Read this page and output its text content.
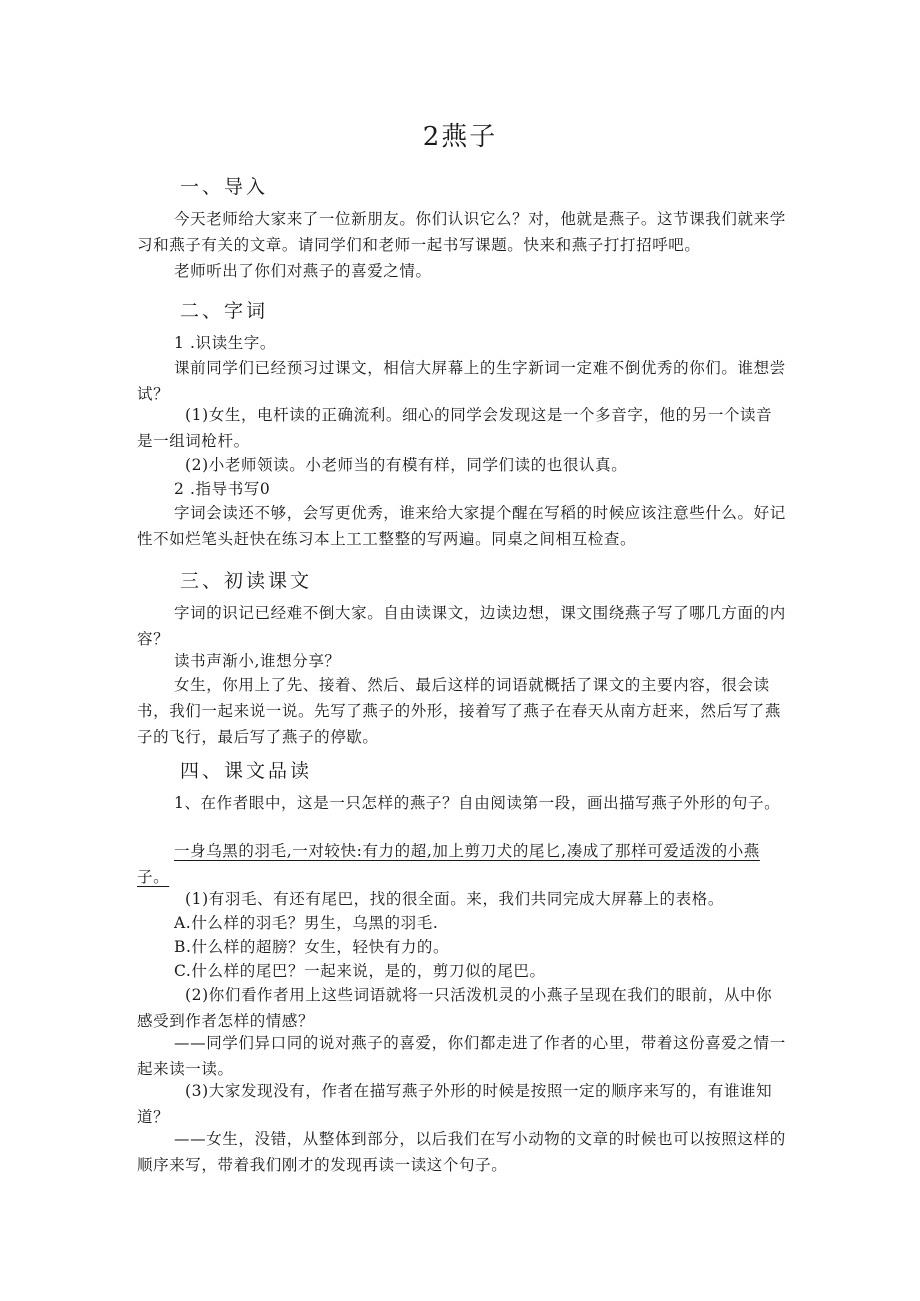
2燕子
一、导入
今天老师给大家来了一位新朋友。你们认识它么？对，他就是燕子。这节课我们就来学习和燕子有关的文章。请同学们和老师一起书写课题。快来和燕子打打招呼吧。
老师听出了你们对燕子的喜爱之情。
二、字词
1 .识读生字。
课前同学们已经预习过课文，相信大屏幕上的生字新词一定难不倒优秀的你们。谁想尝试？
(1)女生，电杆读的正确流利。细心的同学会发现这是一个多音字，他的另一个读音是一组词枪杆。
(2)小老师领读。小老师当的有模有样，同学们读的也很认真。
2 .指导书写0
字词会读还不够，会写更优秀，谁来给大家提个醒在写稻的时候应该注意些什么。好记性不如烂笔头赶快在练习本上工工整整的写两遍。同桌之间相互检查。
三、初读课文
字词的识记已经难不倒大家。自由读课文，边读边想，课文围绕燕子写了哪几方面的内容？
读书声渐小,谁想分享？
女生，你用上了先、接着、然后、最后这样的词语就概括了课文的主要内容，很会读书，我们一起来说一说。先写了燕子的外形，接着写了燕子在春天从南方赶来，然后写了燕子的飞行，最后写了燕子的停歇。
四、课文品读
1、在作者眼中，这是一只怎样的燕子？自由阅读第一段，画出描写燕子外形的句子。
一身乌黑的羽毛,一对较快:有力的超,加上剪刀犬的尾匕,凑成了那样可爱适泼的小燕子。
(1)有羽毛、有还有尾巴，找的很全面。来，我们共同完成大屏幕上的表格。
A.什么样的羽毛？男生，乌黑的羽毛.
B.什么样的超膀？女生，轻快有力的。
C.什么样的尾巴？一起来说，是的，剪刀似的尾巴。
(2)你们看作者用上这些词语就将一只活泼机灵的小燕子呈现在我们的眼前，从中你感受到作者怎样的情感？
——同学们异口同的说对燕子的喜爱，你们都走进了作者的心里，带着这份喜爱之情一起来读一读。
(3)大家发现没有，作者在描写燕子外形的时候是按照一定的顺序来写的，有谁谁知道？
——女生，没错，从整体到部分，以后我们在写小动物的文章的时候也可以按照这样的顺序来写，带着我们刚才的发现再读一读这个句子。
